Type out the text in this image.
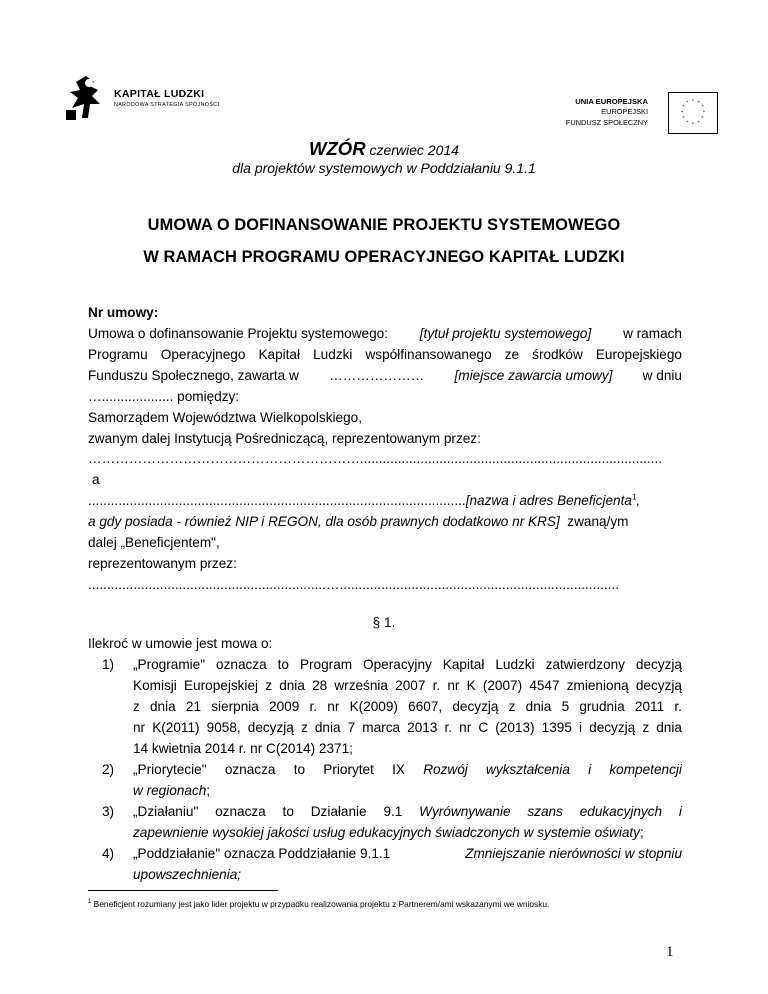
KAPITAŁ LUDZKI
NARODOWA STRATEGIA SPÓJNOŚCI	UNIA EUROPEJSKA
EUROPEJSKI
FUNDUSZ SPOŁECZNY
* *
*
*
*
*
*
*
*
*
*
*
WZÓR czerwiec 2014
dla projektów systemowych w Poddziałaniu 9.1.1
UMOWA O DOFINANSOWANIE PROJEKTU SYSTEMOWEGO
W RAMACH PROGRAMU OPERACYJNEGO KAPITAŁ LUDZKI
Nr umowy:
Umowa o dofinansowanie Projektu systemowego: [tytuł projektu systemowego] w ramach
Programu Operacyjnego Kapitał Ludzki współfinansowanego ze środków Europejskiego
Funduszu Społecznego, zawarta w ………………… [miejsce zawarcia umowy] w dniu
…................... pomiędzy:
Samorządem Województwa Wielkopolskiego,
zwanym dalej Instytucją Pośredniczącą, reprezentowanym przez:
……………………………………………………................................................................................
a
....................................................................................................[nazwa i adres Beneficjenta$^1$,
a gdy posiada - również NIP i REGON, dla osób prawnych dodatkowo nr KRS] zwaną/ym
dalej „Beneficjentem",
reprezentowanym przez:
...............................................................…..........................................................................
§ 1.
Ilekroć w umowie jest mowa o:
1) „Programie" oznacza to Program Operacyjny Kapitał Ludzki zatwierdzony decyzją
Komisji Europejskiej z dnia 28 września 2007 r. nr K (2007) 4547 zmienioną decyzją
z dnia 21 sierpnia 2009 r. nr K(2009) 6607, decyzją z dnia 5 grudnia 2011 r.
nr K(2011) 9058, decyzją z dnia 7 marca 2013 r. nr C (2013) 1395 i decyzją z dnia
14 kwietnia 2014 r. nr C(2014) 2371;
2) „Priorytecie" oznacza to Priorytet IX Rozwój wykształcenia i kompetencji
w regionach;
3) „Działaniu" oznacza to Działanie 9.1 Wyrównywanie szans edukacyjnych i
zapewnienie wysokiej jakości usług edukacyjnych świadczonych w systemie oświaty;
4) „Poddziałanie" oznacza Poddziałanie 9.1.1	Zmniejszanie nierówności w stopniu
upowszechnienia;
$^1$ Beneficjent rozumiany jest jako lider projektu w przypadku realizowania projektu z Partnerem/ami wskazanymi we wniosku.
1
